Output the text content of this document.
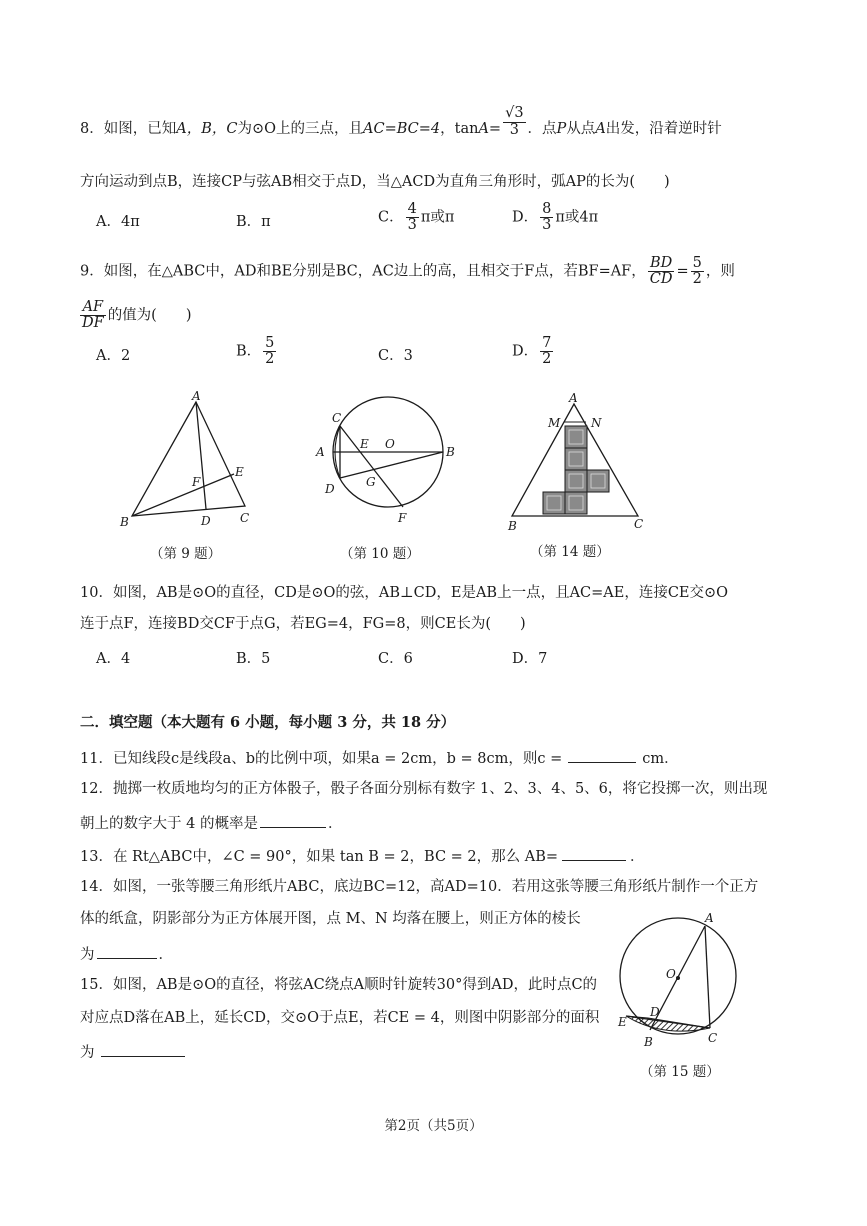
8．如图，已知A，B，C为⊙O上的三点，且AC=BC=4，$\tan A= \frac{√3}{3}$ ．点P从点A出发，沿着逆时针
方向运动到点B，连接CP与弦AB相交于点D，当△ACD为直角三角形时，弧AP的长为(　　)
A．4π	B．π	C． $\frac{4}{3}$ π或π	D． $\frac{8}{3}$ π或4π
9．如图，在△ABC中，AD和BE分别是BC，AC边上的高，且相交于F点，若BF=AF， $\frac{BD}{CD} = \frac{5}{2}$ ，则
$\frac{AF}{DF}$ 的值为(　　)
A．2	B． $\frac{5}{2}$	C．3	D． $\frac{7}{2}$
A
B	C
D
E
F
（第 9 题）
C
A
D
E O
B
G
F
（第 10 题）
A
M	N
B	C
（第 14 题）
10．如图，AB是⊙O的直径，CD是⊙O的弦，AB⊥CD，E是AB上一点，且AC=AE，连接CE交⊙O
连于点F，连接BD交CF于点G，若EG=4，FG=8，则CE长为(　　)
A．4	B．5	C．6	D．7
二．填空题（本大题有 6 小题，每小题 3 分，共 18 分）
11．已知线段c是线段a、b的比例中项，如果a = 2cm，b = 8cm，则c =	cm．
12．抛掷一枚质地均匀的正方体骰子，骰子各面分别标有数字 1、2、3、4、5、6，将它投掷一次，则出现
朝上的数字大于 4 的概率是	．
13．在 Rt△ABC中，∠C = 90°，如果 tan B = 2，BC = 2，那么 AB=	．
14．如图，一张等腰三角形纸片ABC，底边BC=12，高AD=10．若用这张等腰三角形纸片制作一个正方
体的纸盒，阴影部分为正方体展开图，点 M、N 均落在腰上，则正方体的棱长
为	．
15．如图，AB是⊙O的直径，将弦AC绕点A顺时针旋转30°得到AD，此时点C的
对应点D落在AB上，延长CD，交⊙O于点E，若CE = 4，则图中阴影部分的面积
为
A
O
D
E
B	C
（第 15 题）
第2页（共5页）
